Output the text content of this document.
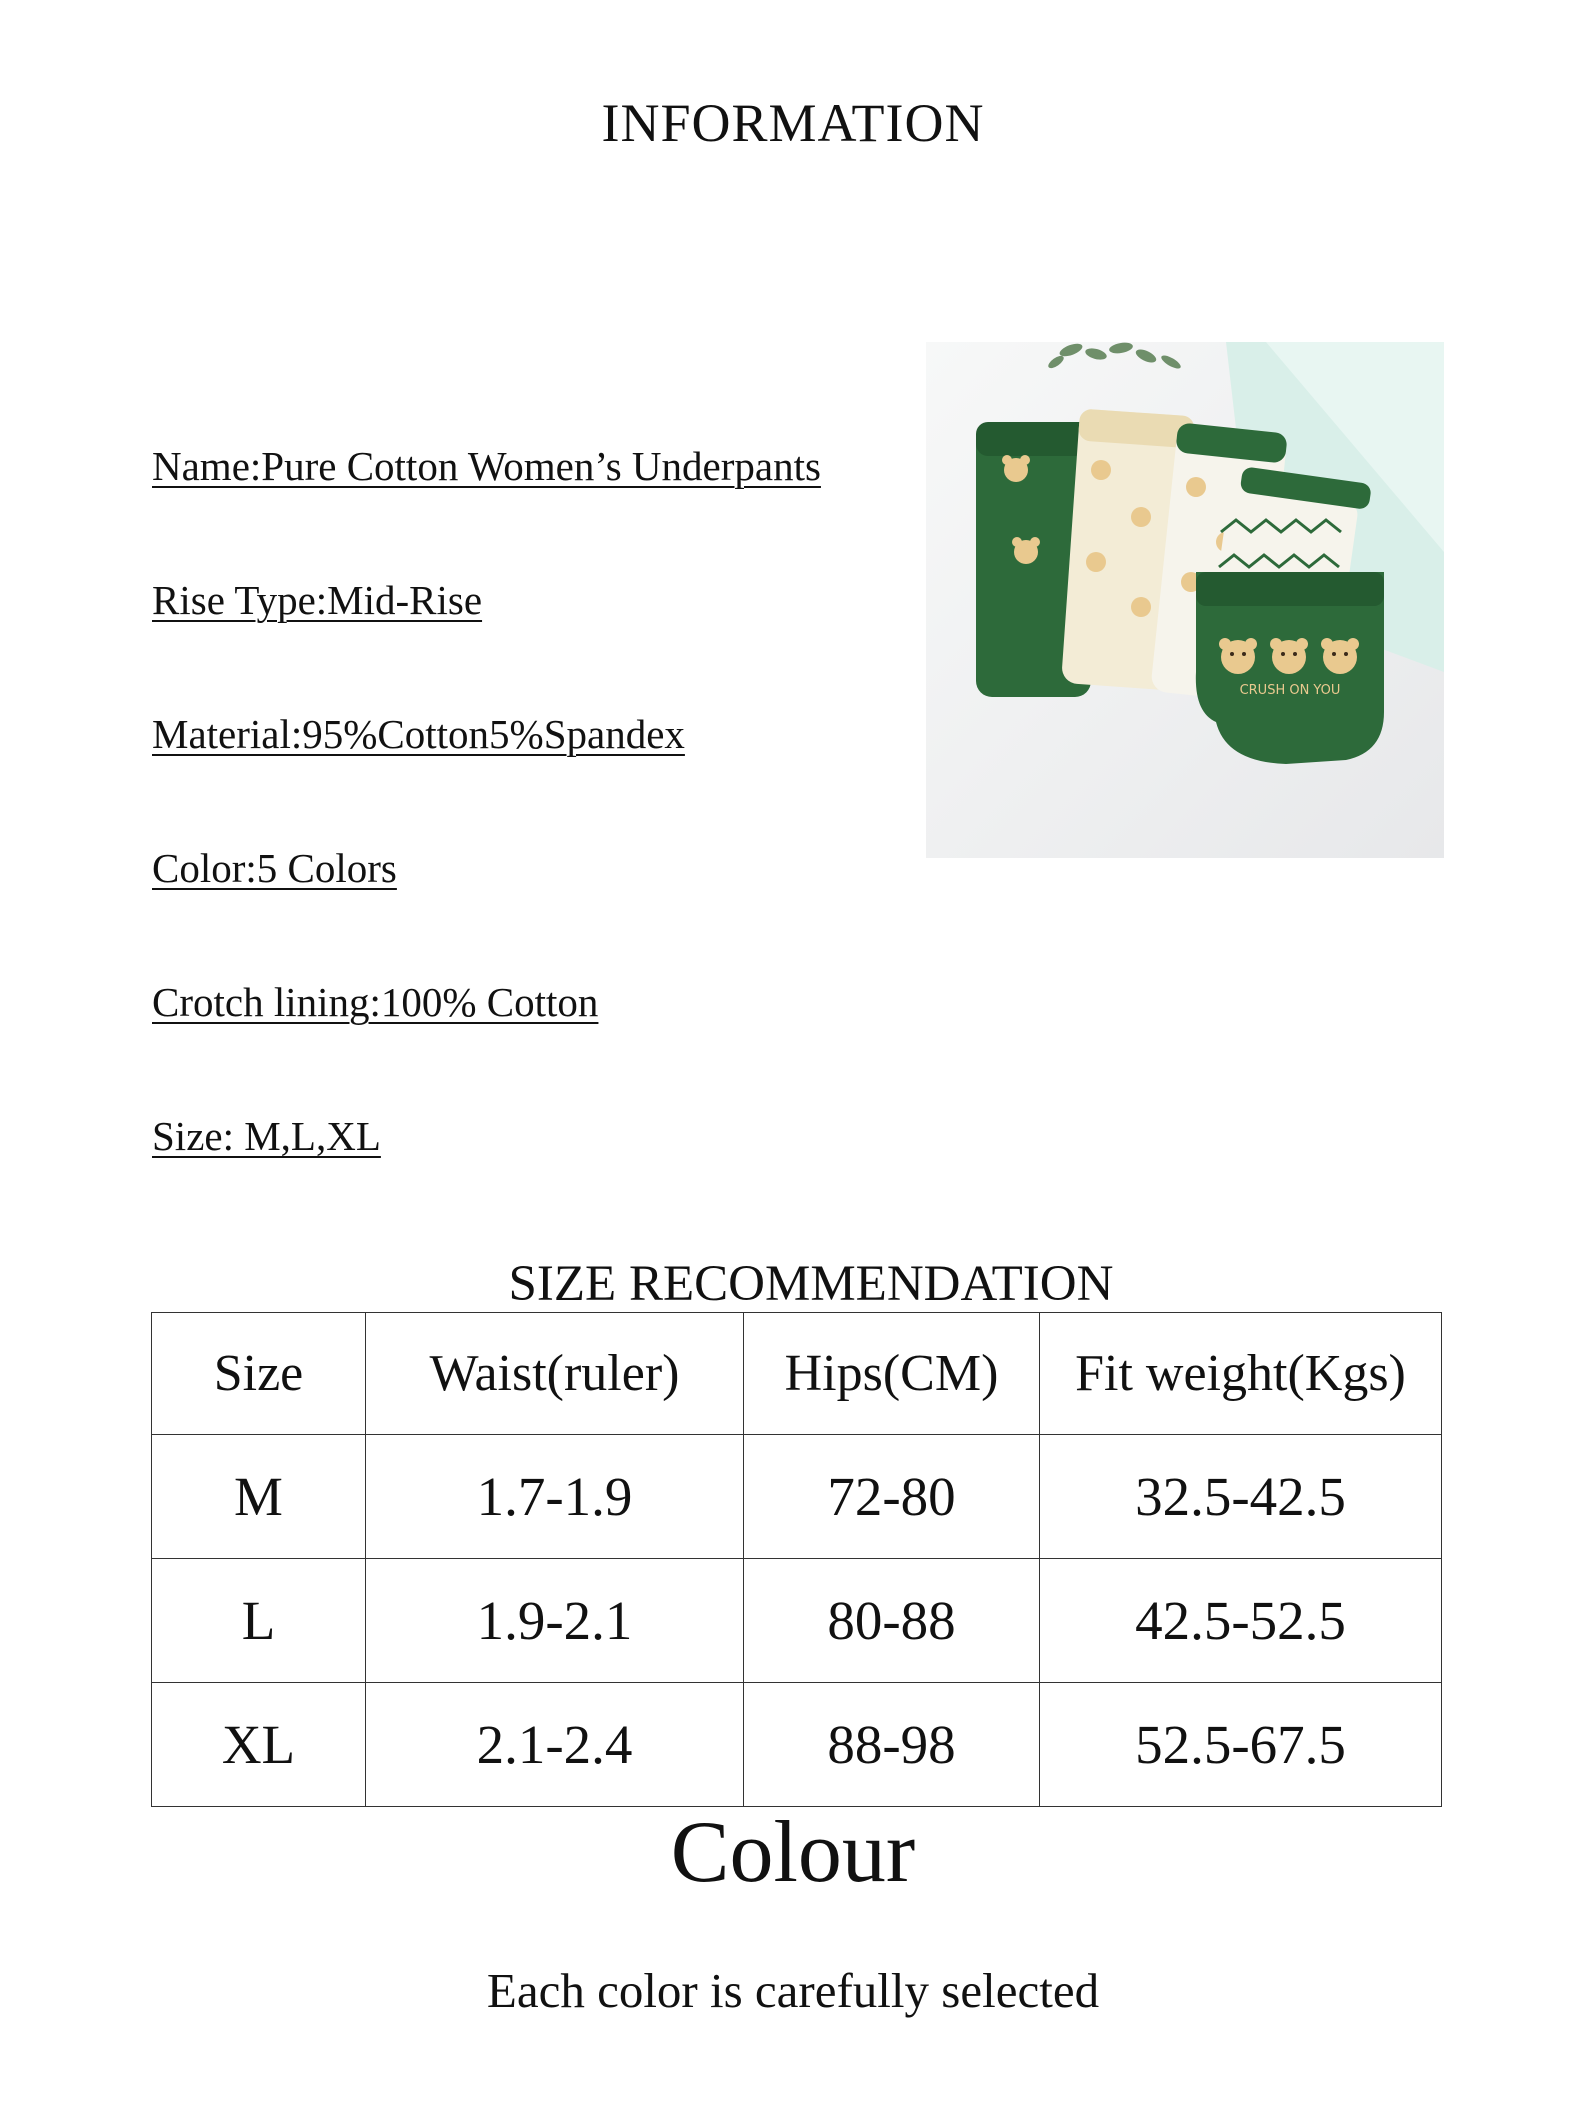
INFORMATION
Name:Pure Cotton Women’s Underpants
Rise Type:Mid-Rise
Material:95%Cotton5%Spandex
Color:5 Colors
Crotch lining:100% Cotton
Size: M,L,XL
CRUSH ON YOU
SIZE RECOMMENDATION
Size	Waist(ruler)	Hips(CM)	Fit weight(Kgs)
M	1.7-1.9	72-80	32.5-42.5
L	1.9-2.1	80-88	42.5-52.5
XL	2.1-2.4	88-98	52.5-67.5
Colour
Each color is carefully selected
